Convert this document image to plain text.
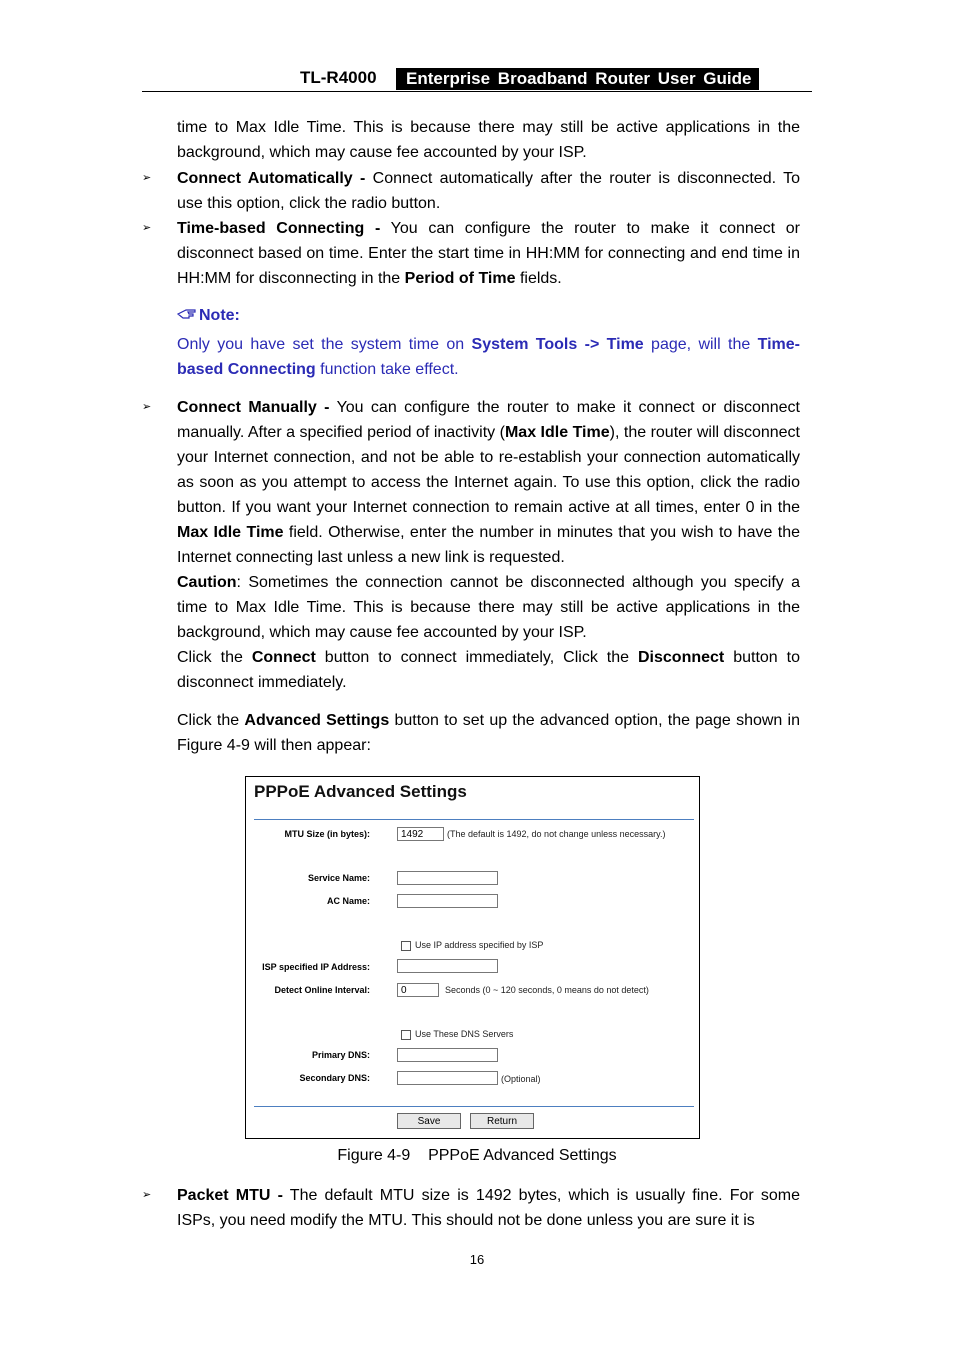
TL-R4000	Enterprise Broadband Router User Guide
time to Max Idle Time. This is because there may still be active applications in the background, which may cause fee accounted by your ISP.
➢ Connect Automatically - Connect automatically after the router is disconnected. To use this option, click the radio button.
➢ Time-based Connecting - You can configure the router to make it connect or disconnect based on time. Enter the start time in HH:MM for connecting and end time in HH:MM for disconnecting in the Period of Time fields.
Note:
Only you have set the system time on System Tools -> Time page, will the Time-based Connecting function take effect.
➢ Connect Manually - You can configure the router to make it connect or disconnect manually. After a specified period of inactivity (Max Idle Time), the router will disconnect your Internet connection, and not be able to re-establish your connection automatically as soon as you attempt to access the Internet again. To use this option, click the radio button. If you want your Internet connection to remain active at all times, enter 0 in the Max Idle Time field. Otherwise, enter the number in minutes that you wish to have the Internet connecting last unless a new link is requested.
Caution: Sometimes the connection cannot be disconnected although you specify a time to Max Idle Time. This is because there may still be active applications in the background, which may cause fee accounted by your ISP.
Click the Connect button to connect immediately, Click the Disconnect button to disconnect immediately.
Click the Advanced Settings button to set up the advanced option, the page shown in Figure 4-9 will then appear:
PPPoE Advanced Settings
MTU Size (in bytes):	1492	(The default is 1492, do not change unless necessary.)
Service Name:
AC Name:
Use IP address specified by ISP
ISP specified IP Address:
Detect Online Interval:	0	Seconds (0 ~ 120 seconds, 0 means do not detect)
Use These DNS Servers
Primary DNS:
Secondary DNS:	(Optional)
Save	Return
Figure 4-9    PPPoE Advanced Settings
➢ Packet MTU - The default MTU size is 1492 bytes, which is usually fine. For some ISPs, you need modify the MTU. This should not be done unless you are sure it is
16
